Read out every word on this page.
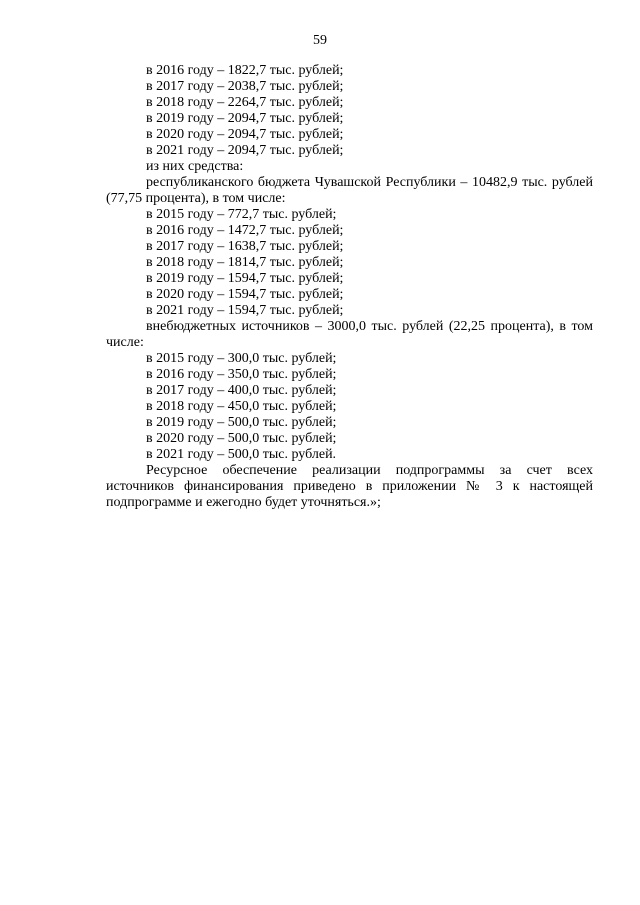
59

в 2016 году – 1822,7 тыс. рублей;

в 2017 году – 2038,7 тыс. рублей;

в 2018 году – 2264,7 тыс. рублей;

в 2019 году – 2094,7 тыс. рублей;

в 2020 году – 2094,7 тыс. рублей;

в 2021 году – 2094,7 тыс. рублей;

из них средства:

республиканского бюджета Чувашской Республики – 10482,9 тыс. рублей (77,75 процента), в том числе:

в 2015 году – 772,7 тыс. рублей;

в 2016 году – 1472,7 тыс. рублей;

в 2017 году – 1638,7 тыс. рублей;

в 2018 году – 1814,7 тыс. рублей;

в 2019 году – 1594,7 тыс. рублей;

в 2020 году – 1594,7 тыс. рублей;

в 2021 году – 1594,7 тыс. рублей;

внебюджетных источников – 3000,0 тыс. рублей (22,25 процента), в том числе:

в 2015 году – 300,0 тыс. рублей;

в 2016 году – 350,0 тыс. рублей;

в 2017 году – 400,0 тыс. рублей;

в 2018 году – 450,0 тыс. рублей;

в 2019 году – 500,0 тыс. рублей;

в 2020 году – 500,0 тыс. рублей;

в 2021 году – 500,0 тыс. рублей.

Ресурсное обеспечение реализации подпрограммы за счет всех источников финансирования приведено в приложении № 3 к настоящей подпрограмме и ежегодно будет уточняться.»;
